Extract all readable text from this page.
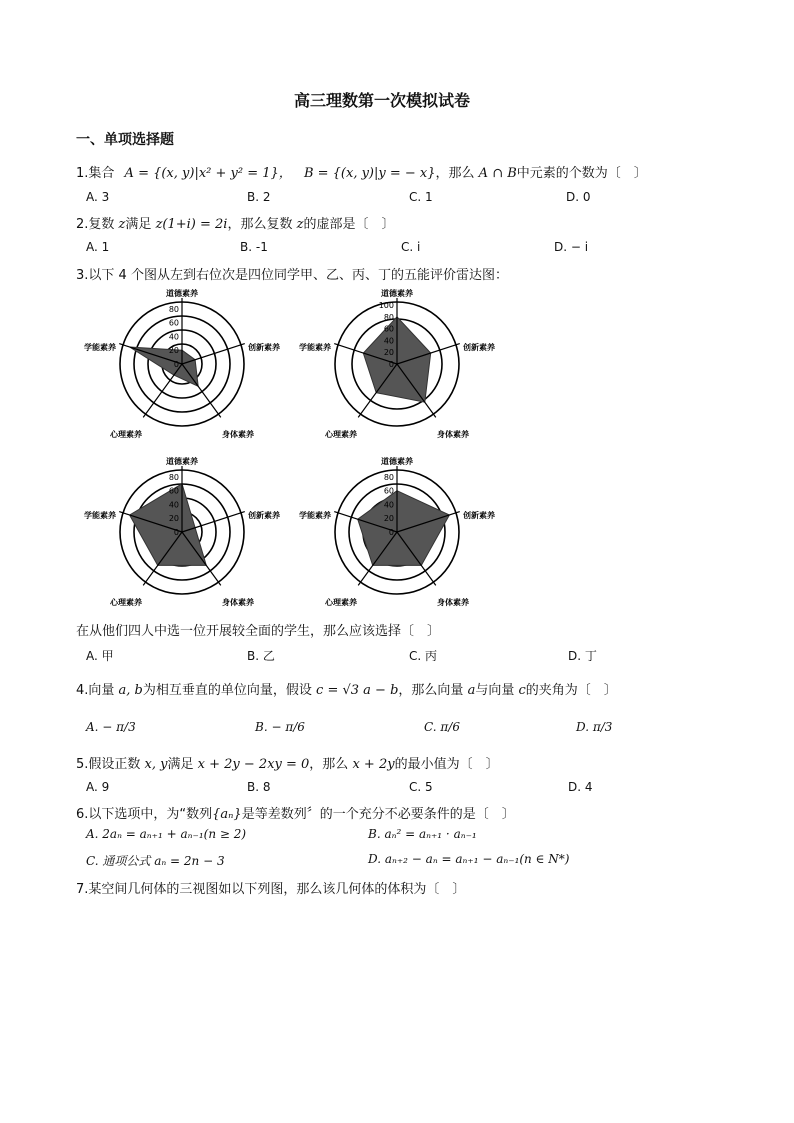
高三理数第一次模拟试卷
一、单项选择题
1.集合 A = {(x, y)|x² + y² = 1}， B = {(x, y)|y = − x}，那么 A ∩ B中元素的个数为〔　〕
A. 3	B. 2	C. 1	D. 0
2.复数 z满足 z(1+i) = 2i，那么复数 z的虚部是〔　〕
A. 1	B. -1	C. i	D. − i
3.以下 4 个图从左到右位次是四位同学甲、乙、丙、丁的五能评价雷达图：
0
20
40
60
80
道德素养
创新素养
身体素养
心理素养
学能素养
0
20
40
60
80
100
道德素养
创新素养
身体素养
心理素养
学能素养
0
20
40
60
80
道德素养
创新素养
身体素养
心理素养
学能素养
0
20
40
60
80
道德素养
创新素养
身体素养
心理素养
学能素养
在从他们四人中选一位开展较全面的学生，那么应该选择〔　〕
A. 甲	B. 乙	C. 丙	D. 丁
4.向量 a, b为相互垂直的单位向量，假设 c = √3 a − b，那么向量 a与向量 c的夹角为〔　〕
A. − π/3	B. − π/6	C. π/6	D. π/3
5.假设正数 x, y满足 x + 2y − 2xy = 0，那么 x + 2y的最小值为〔　〕
A. 9	B. 8	C. 5	D. 4
6.以下选项中，为“数列{aₙ}是等差数列〞的一个充分不必要条件的是〔　〕
A. 2aₙ = aₙ₊₁ + aₙ₋₁(n ≥ 2)	B. aₙ² = aₙ₊₁ · aₙ₋₁
C. 通项公式 aₙ = 2n − 3	D. aₙ₊₂ − aₙ = aₙ₊₁ − aₙ₋₁(n ∈ N*)
7.某空间几何体的三视图如以下列图，那么该几何体的体积为〔　〕
